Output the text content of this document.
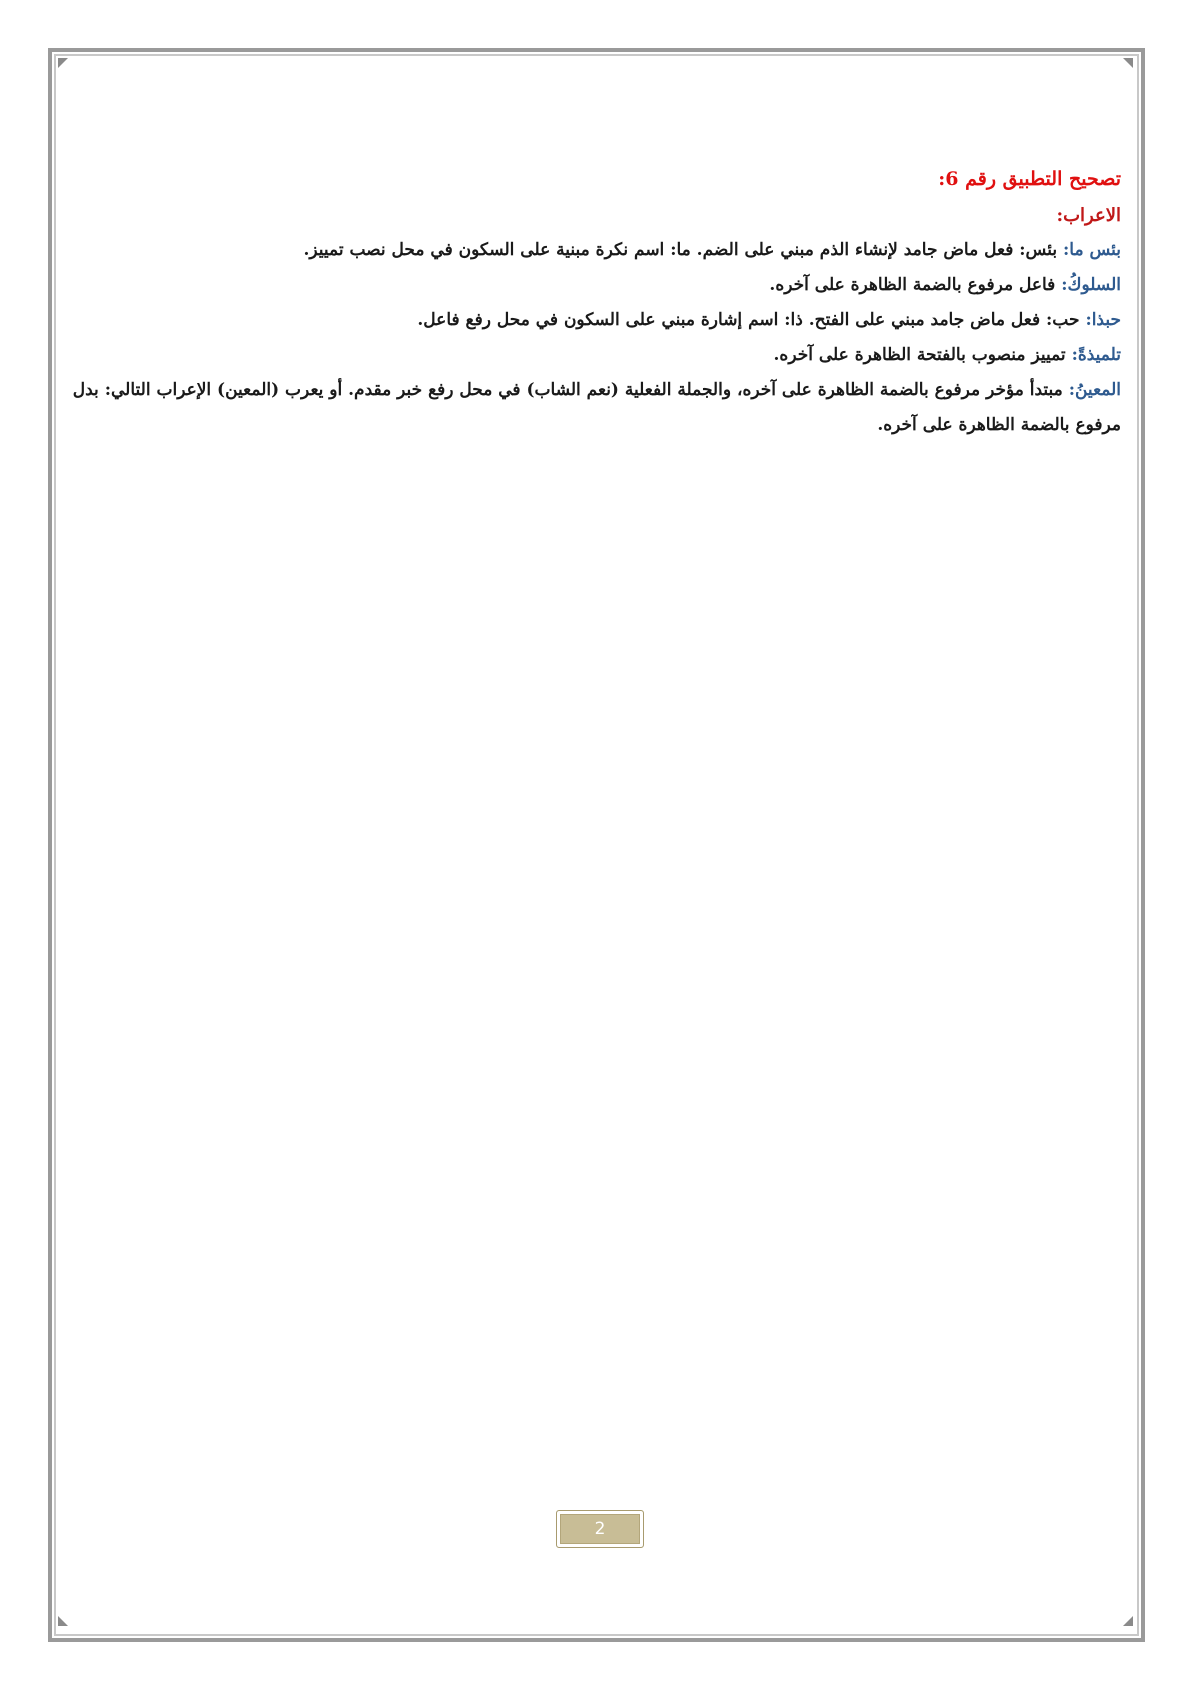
تصحيح التطبيق رقم 6:

الاعراب:

بئس ما: بئس: فعل ماض جامد لإنشاء الذم مبني على الضم. ما: اسم نكرة مبنية على السكون في محل نصب تمييز.

السلوكُ: فاعل مرفوع بالضمة الظاهرة على آخره.

حبذا: حب: فعل ماض جامد مبني على الفتح. ذا: اسم إشارة مبني على السكون في محل رفع فاعل.

تلميذةً: تمييز منصوب بالفتحة الظاهرة على آخره.

المعينُ: مبتدأ مؤخر مرفوع بالضمة الظاهرة على آخره، والجملة الفعلية (نعم الشاب) في محل رفع خبر مقدم. أو يعرب (المعين) الإعراب التالي: بدل مرفوع بالضمة الظاهرة على آخره.

2
